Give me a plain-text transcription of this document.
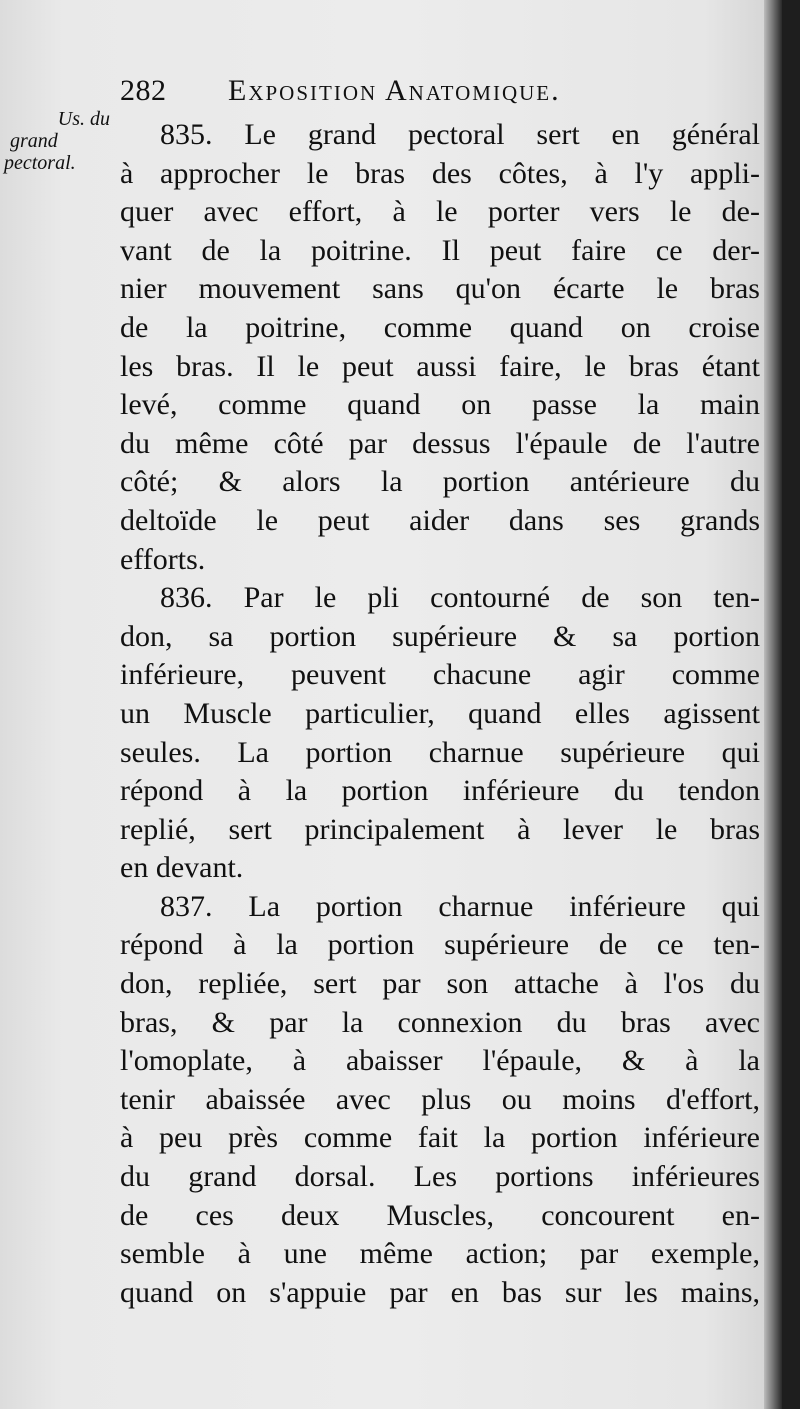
282 Exposition Anatomique.
Us. du
grand
pectoral.
835. Le grand pectoral sert en général
à approcher le bras des côtes, à l'y appli-
quer avec effort, à le porter vers le de-
vant de la poitrine. Il peut faire ce der-
nier mouvement sans qu'on écarte le bras
de la poitrine, comme quand on croise
les bras. Il le peut aussi faire, le bras étant
levé, comme quand on passe la main
du même côté par dessus l'épaule de l'autre
côté; & alors la portion antérieure du
deltoïde le peut aider dans ses grands
efforts.
836. Par le pli contourné de son ten-
don, sa portion supérieure & sa portion
inférieure, peuvent chacune agir comme
un Muscle particulier, quand elles agissent
seules. La portion charnue supérieure qui
répond à la portion inférieure du tendon
replié, sert principalement à lever le bras
en devant.
837. La portion charnue inférieure qui
répond à la portion supérieure de ce ten-
don, repliée, sert par son attache à l'os du
bras, & par la connexion du bras avec
l'omoplate, à abaisser l'épaule, & à la
tenir abaissée avec plus ou moins d'effort,
à peu près comme fait la portion inférieure
du grand dorsal. Les portions inférieures
de ces deux Muscles, concourent en-
semble à une même action; par exemple,
quand on s'appuie par en bas sur les mains,
